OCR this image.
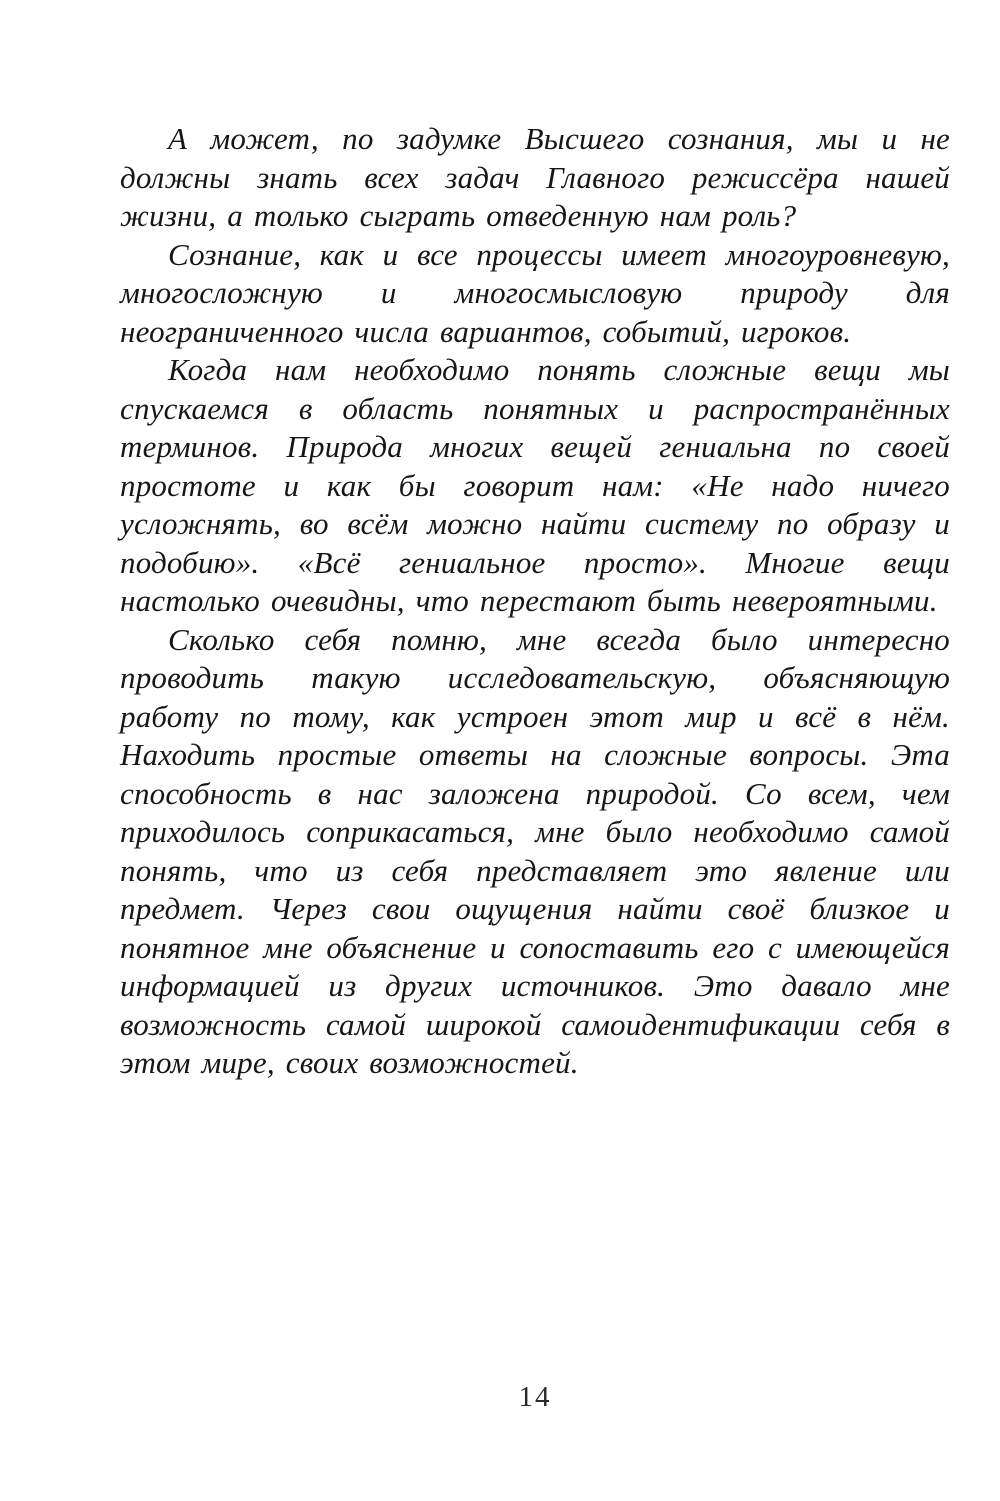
А может, по задумке Высшего сознания, мы и не должны знать всех задач Главного режиссёра нашей жизни, а только сыграть отведенную нам роль?

Сознание, как и все процессы имеет многоуровневую, многосложную и многосмысловую природу для неограниченного числа вариантов, событий, игроков.

Когда нам необходимо понять сложные вещи мы спускаемся в область понятных и распространённых терминов. Природа многих вещей гениальна по своей простоте и как бы говорит нам: «Не надо ничего усложнять, во всём можно найти систему по образу и подобию». «Всё гениальное просто». Многие вещи настолько очевидны, что перестают быть невероятными.

Сколько себя помню, мне всегда было интересно проводить такую исследовательскую, объясняющую работу по тому, как устроен этот мир и всё в нём. Находить простые ответы на сложные вопросы. Эта способность в нас заложена природой. Со всем, чем приходилось соприкасаться, мне было необходимо самой понять, что из себя представляет это явление или предмет. Через свои ощущения найти своё близкое и понятное мне объяснение и сопоставить его с имеющейся информацией из других источников. Это давало мне возможность самой широкой самоидентификации себя в этом мире, своих возможностей.

14
